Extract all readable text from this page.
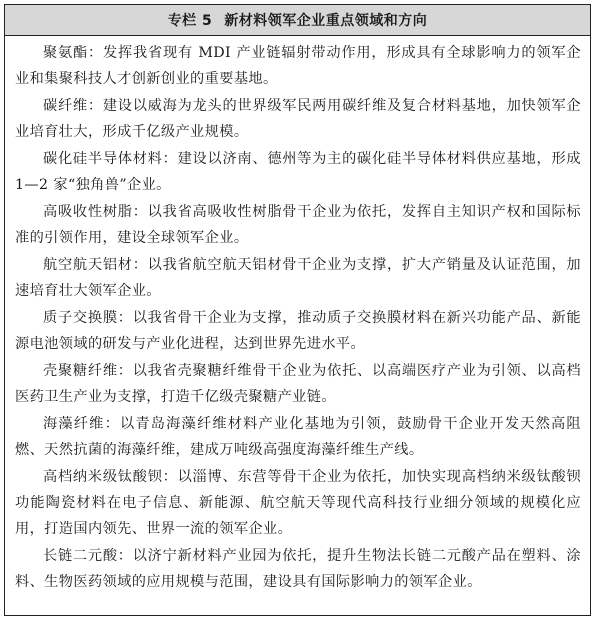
专栏 5 新材料领军企业重点领域和方向

聚氨酯：发挥我省现有 MDI 产业链辐射带动作用，形成具有全球影响力的领军企业和集聚科技人才创新创业的重要基地。

碳纤维：建设以威海为龙头的世界级军民两用碳纤维及复合材料基地，加快领军企业培育壮大，形成千亿级产业规模。

碳化硅半导体材料：建设以济南、德州等为主的碳化硅半导体材料供应基地，形成 1—2 家“独角兽”企业。

高吸收性树脂：以我省高吸收性树脂骨干企业为依托，发挥自主知识产权和国际标准的引领作用，建设全球领军企业。

航空航天铝材：以我省航空航天铝材骨干企业为支撑，扩大产销量及认证范围，加速培育壮大领军企业。

质子交换膜：以我省骨干企业为支撑，推动质子交换膜材料在新兴功能产品、新能源电池领域的研发与产业化进程，达到世界先进水平。

壳聚糖纤维：以我省壳聚糖纤维骨干企业为依托、以高端医疗产业为引领、以高档医药卫生产业为支撑，打造千亿级壳聚糖产业链。

海藻纤维：以青岛海藻纤维材料产业化基地为引领，鼓励骨干企业开发天然高阻燃、天然抗菌的海藻纤维，建成万吨级高强度海藻纤维生产线。

高档纳米级钛酸钡：以淄博、东营等骨干企业为依托，加快实现高档纳米级钛酸钡功能陶瓷材料在电子信息、新能源、航空航天等现代高科技行业细分领域的规模化应用，打造国内领先、世界一流的领军企业。

长链二元酸：以济宁新材料产业园为依托，提升生物法长链二元酸产品在塑料、涂料、生物医药领域的应用规模与范围，建设具有国际影响力的领军企业。
